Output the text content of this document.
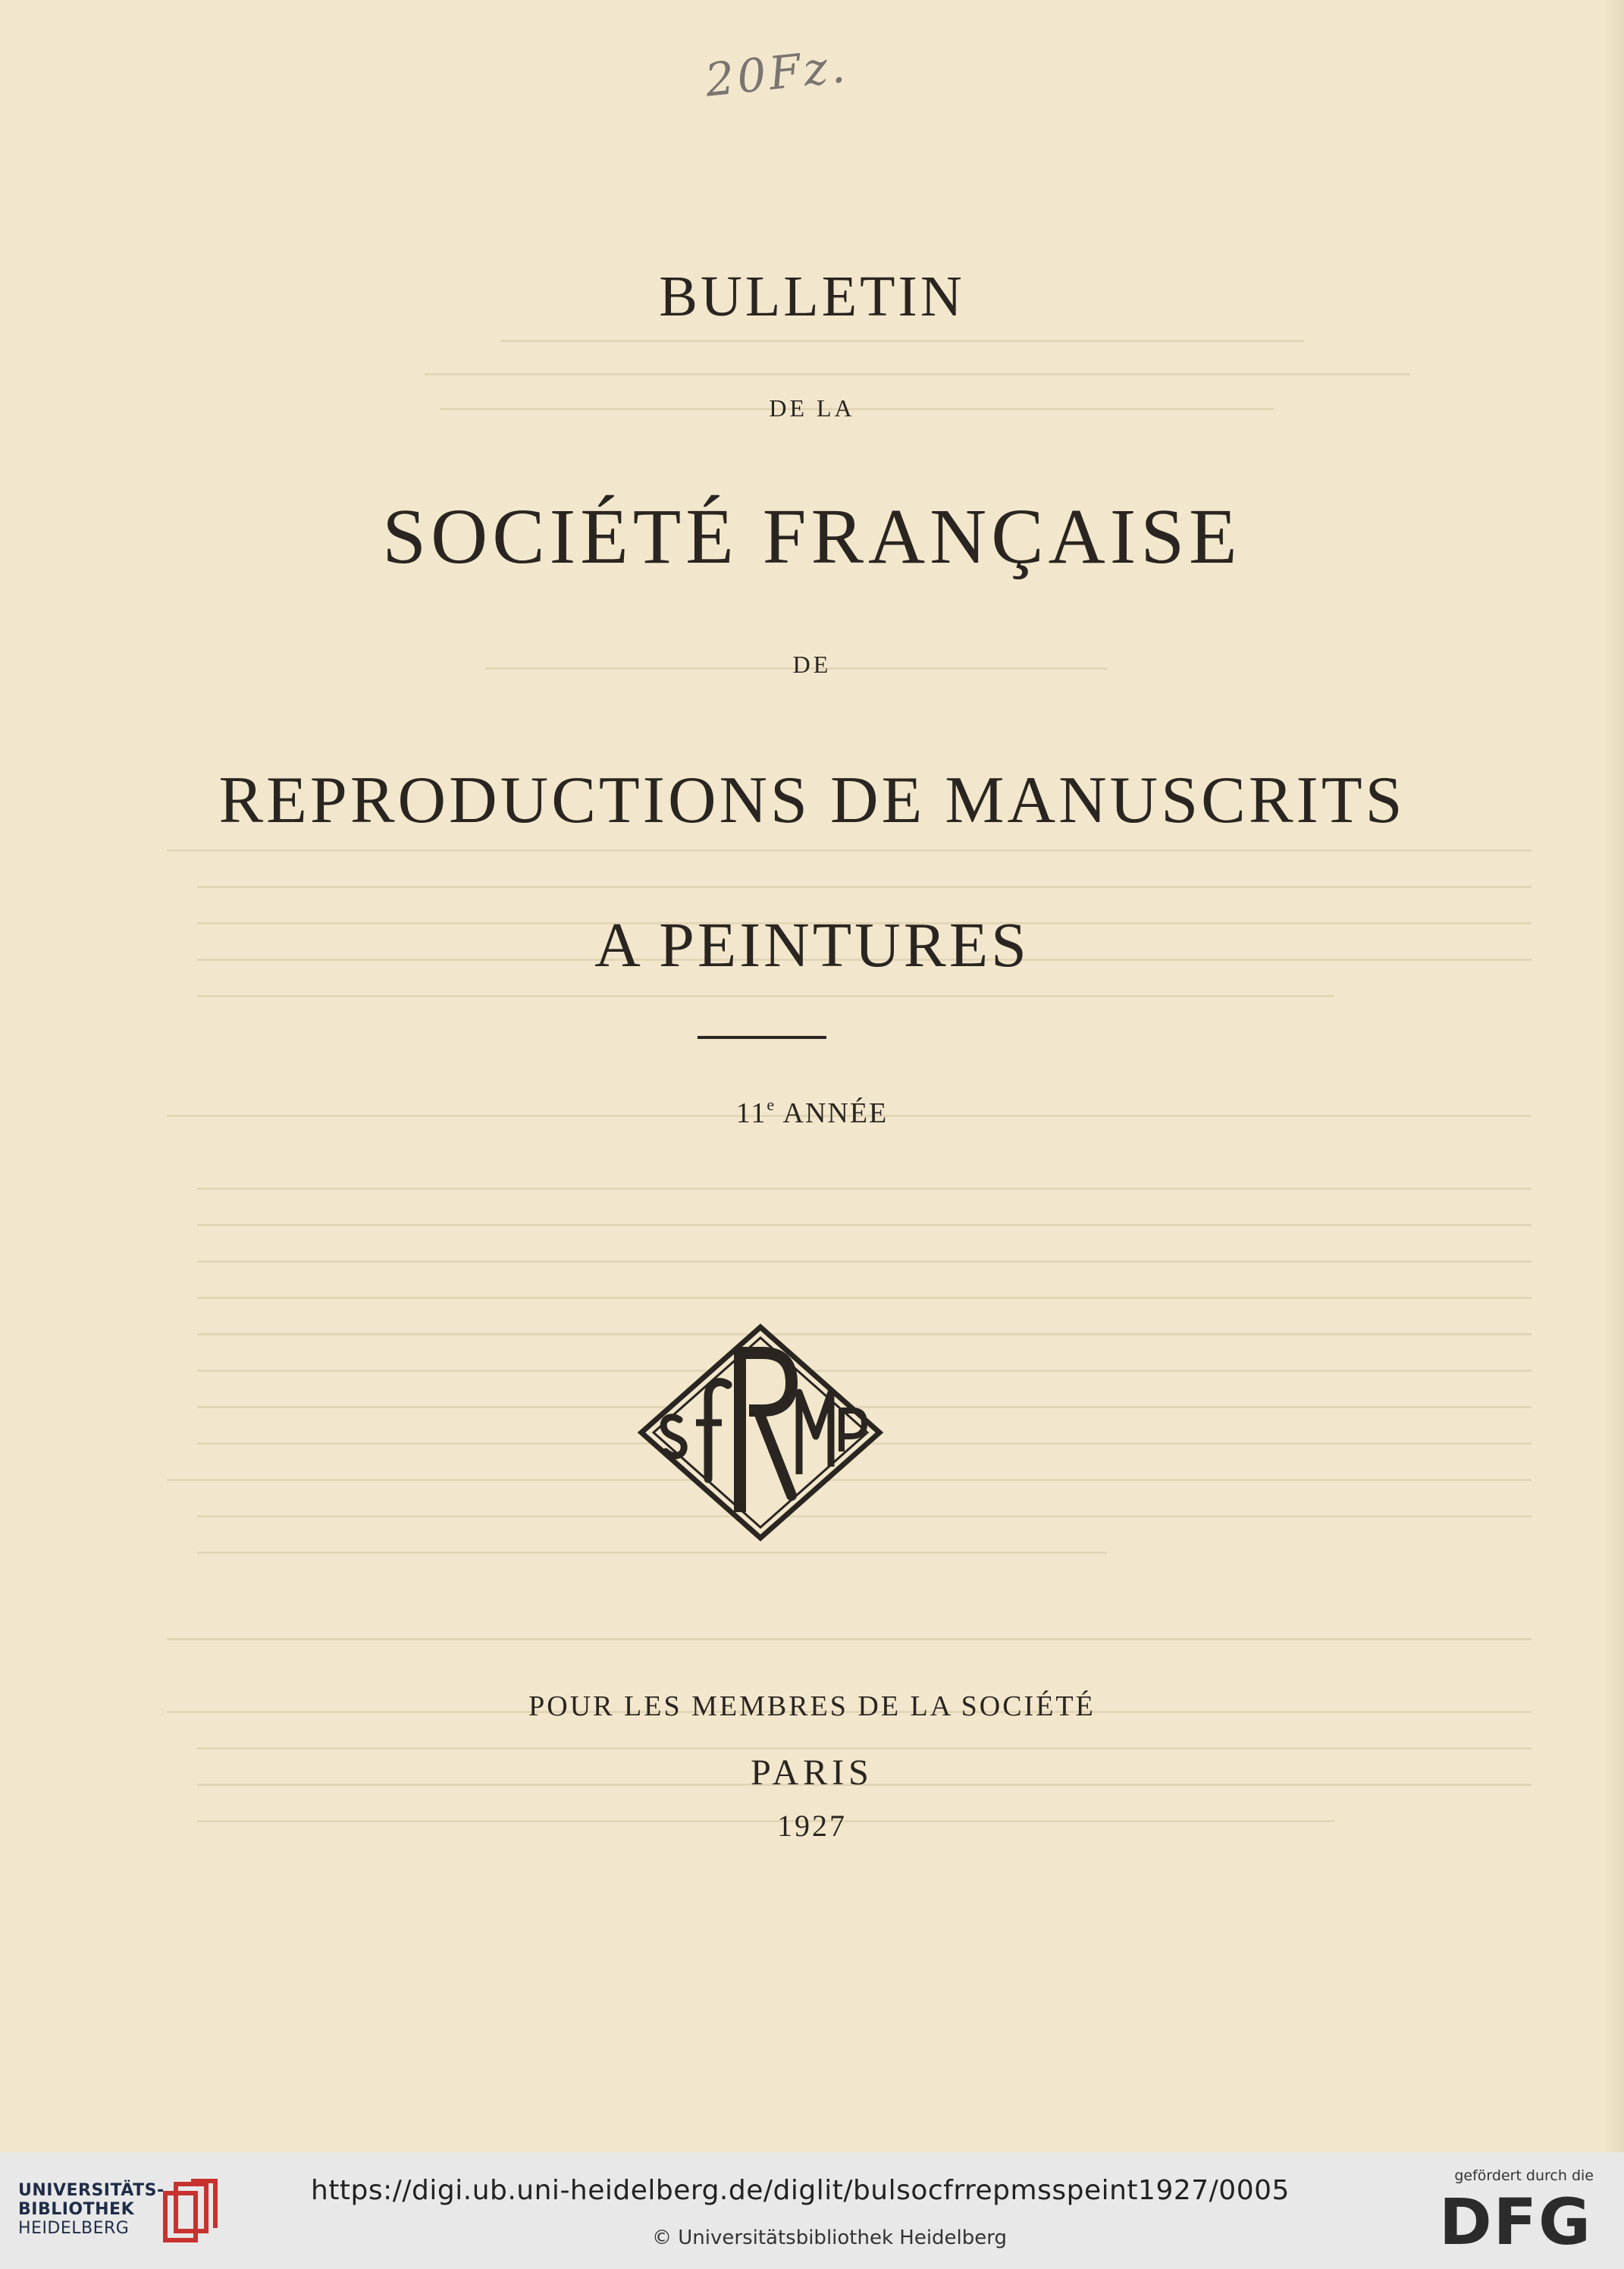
20Fz.
BULLETIN
DE LA
SOCIÉTÉ FRANÇAISE
DE
REPRODUCTIONS DE MANUSCRITS
A PEINTURES
11e ANNÉE
POUR LES MEMBRES DE LA SOCIÉTÉ
PARIS
1927
UNIVERSITÄTS-
BIBLIOTHEK
HEIDELBERG
https://digi.ub.uni-heidelberg.de/diglit/bulsocfrrepmsspeint1927/0005
© Universitätsbibliothek Heidelberg
gefördert durch die
DFG
